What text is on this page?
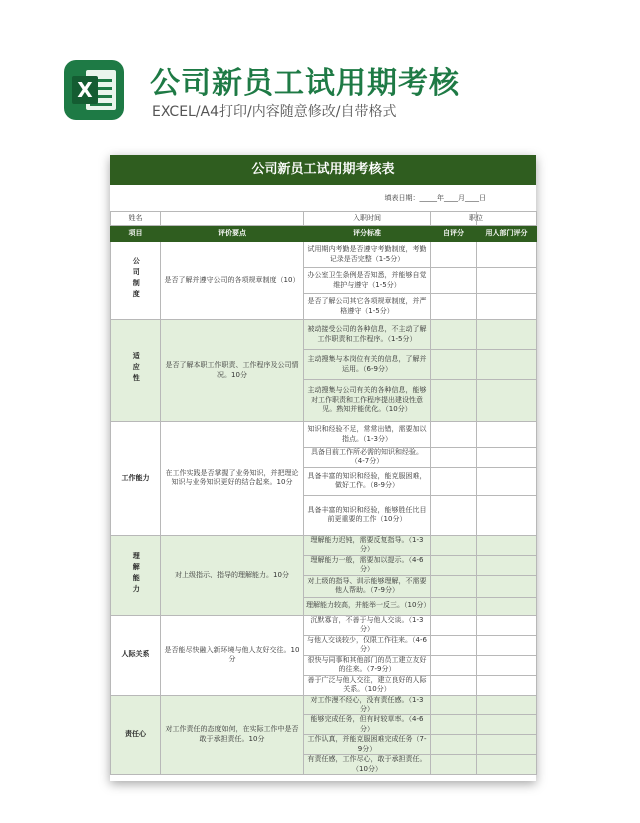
X 公司新员工试用期考核
EXCEL/A4打印/内容随意修改/自带格式
公司新员工试用期考核表
填表日期：_____年____月____日
姓名		入职时间		职位

项目	评价要点	评分标准	自评分	用人部门评分
公司制度	是否了解并遵守公司的各项规章制度（10）	试用期内考勤是否遵守考勤制度，考勤记录是否完整（1-5分）		
		办公室卫生条例是否知悉，并能够自觉维护与遵守（1-5分）		
		是否了解公司其它各项规章制度，并严格遵守（1-5分）		
适应性	是否了解本职工作职责、工作程序及公司情况。10分	被动接受公司的各种信息，不主动了解工作职责和工作程序。（1-5分）		
		主动搜集与本岗位有关的信息，了解并运用。（6-9分）		
		主动搜集与公司有关的各种信息，能够对工作职责和工作程序提出建设性意见。熟知并能优化。（10分）		
工作能力	在工作实践是否掌握了业务知识，并把理论知识与业务知识更好的结合起来。10分	知识和经验不足，常常出错，需要加以指点。（1-3分）		
		具备目前工作所必需的知识和经验。（4-7分）		
		具备丰富的知识和经验，能克服困难，做好工作。（8-9分）		
		具备丰富的知识和经验，能够胜任比目前更重要的工作（10分）		
理解能力	对上级指示、指导的理解能力。10分	理解能力迟钝，需要反复指导。（1-3分）		
		理解能力一般，需要加以提示。（4-6分）		
		对上级的指导、训示能够理解，不需要他人帮助。（7-9分）		
		理解能力较高，并能举一反三。（10分）		
人际关系	是否能尽快融入新环境与他人友好交往。10分	沉默寡言，不善于与他人交谈。（1-3分）		
		与他人交谈较少，仅限工作往来。（4-6分）		
		很快与同事和其他部门的员工建立友好的往来。（7-9分）		
		善于广泛与他人交往，建立良好的人际关系。（10分）		
责任心	对工作责任的态度如何，在实际工作中是否敢于承担责任。10分	对工作漫不经心，没有责任感。（1-3分）		
		能够完成任务，但有时较草率。（4-6分）		
		工作认真，并能克服困难完成任务（7-9分）		
		有责任感，工作尽心，敢于承担责任。（10分）		
